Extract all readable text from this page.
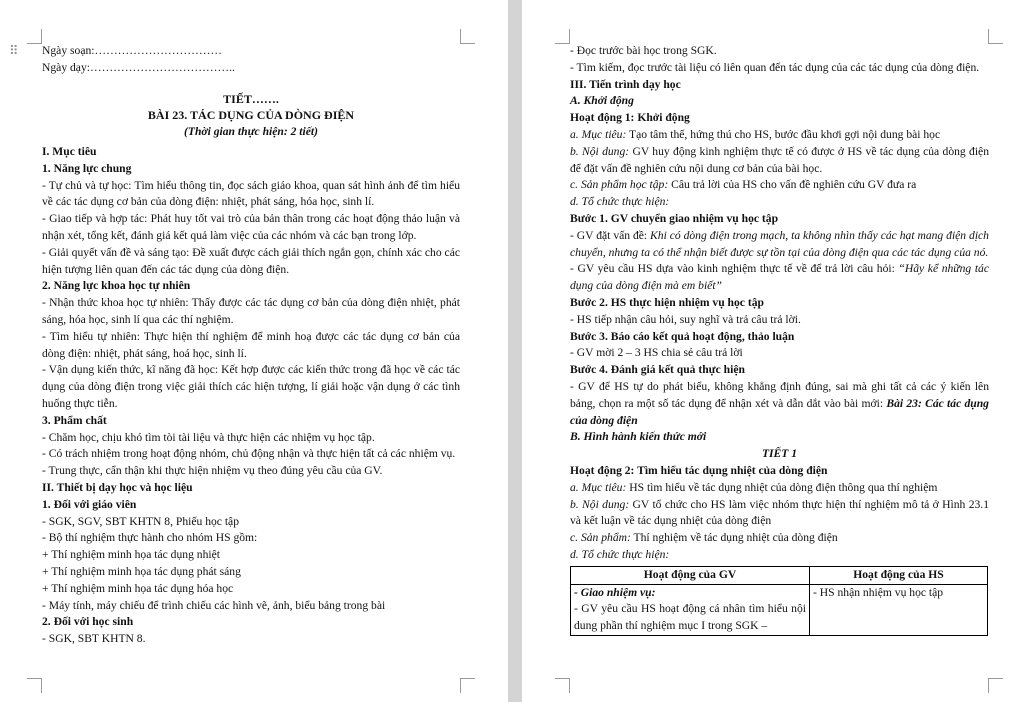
⠿	Ngày soạn:……………………………

Ngày dạy:………………………………..

TIẾT…….

BÀI 23. TÁC DỤNG CỦA DÒNG ĐIỆN

(Thời gian thực hiện: 2 tiết)

I. Mục tiêu

1. Năng lực chung

- Tự chủ và tự học: Tìm hiểu thông tin, đọc sách giáo khoa, quan sát hình ảnh để tìm hiểu về các tác dụng cơ bản của dòng điện: nhiệt, phát sáng, hóa học, sinh lí.

- Giao tiếp và hợp tác: Phát huy tốt vai trò của bản thân trong các hoạt động thảo luận và nhận xét, tổng kết, đánh giá kết quả làm việc của các nhóm và các bạn trong lớp.

- Giải quyết vấn đề và sáng tạo: Đề xuất được cách giải thích ngắn gọn, chính xác cho các hiện tượng liên quan đến các tác dụng của dòng điện.

2. Năng lực khoa học tự nhiên

- Nhận thức khoa học tự nhiên: Thấy được các tác dụng cơ bản của dòng điện nhiệt, phát sáng, hóa học, sinh lí qua các thí nghiệm.

- Tìm hiểu tự nhiên: Thực hiện thí nghiệm để minh hoạ được các tác dụng cơ bản của dòng điện: nhiệt, phát sáng, hoá học, sinh lí.

- Vận dụng kiến thức, kĩ năng đã học: Kết hợp được các kiến thức trong đã học về các tác dụng của dòng điện trong việc giải thích các hiện tượng, lí giải hoặc vận dụng ở các tình huống thực tiễn.

3. Phẩm chất

- Chăm học, chịu khó tìm tòi tài liệu và thực hiện các nhiệm vụ học tập.

- Có trách nhiệm trong hoạt động nhóm, chủ động nhận và thực hiện tất cả các nhiệm vụ.

- Trung thực, cẩn thận khi thực hiện nhiệm vụ theo đúng yêu cầu của GV.

II. Thiết bị dạy học và học liệu

1. Đối với giáo viên

- SGK, SGV, SBT KHTN 8, Phiếu học tập

- Bộ thí nghiệm thực hành cho nhóm HS gồm:

+ Thí nghiệm minh họa tác dụng nhiệt

+ Thí nghiệm minh họa tác dụng phát sáng

+ Thí nghiệm minh họa tác dụng hóa học

- Máy tính, máy chiếu để trình chiếu các hình vẽ, ảnh, biểu bảng trong bài

2. Đối với học sinh

- SGK, SBT KHTN 8.

- Đọc trước bài học trong SGK.

- Tìm kiếm, đọc trước tài liệu có liên quan đến tác dụng của các tác dụng của dòng điện.

III. Tiến trình dạy học

A. Khởi động

Hoạt động 1: Khởi động

a. Mục tiêu: Tạo tâm thế, hứng thú cho HS, bước đầu khơi gợi nội dung bài học

b. Nội dung: GV huy động kinh nghiệm thực tế có được ở HS về tác dụng của dòng điện để đặt vấn đề nghiên cứu nội dung cơ bản của bài học.

c. Sản phẩm học tập: Câu trả lời của HS cho vấn đề nghiên cứu GV đưa ra

d. Tổ chức thực hiện:

Bước 1. GV chuyển giao nhiệm vụ học tập

- GV đặt vấn đề: Khi có dòng điện trong mạch, ta không nhìn thấy các hạt mang điện dịch chuyển, nhưng ta có thể nhận biết được sự tồn tại của dòng điện qua các tác dụng của nó.

- GV yêu cầu HS dựa vào kinh nghiệm thực tế về để trả lời câu hỏi: “Hãy kể những tác dụng của dòng điện mà em biết”

Bước 2. HS thực hiện nhiệm vụ học tập

- HS tiếp nhận câu hỏi, suy nghĩ và trả câu trả lời.

Bước 3. Báo cáo kết quả hoạt động, thảo luận

- GV mời 2 – 3 HS chia sẻ câu trả lời

Bước 4. Đánh giá kết quả thực hiện

- GV để HS tự do phát biểu, không khẳng định đúng, sai mà ghi tất cả các ý kiến lên bảng, chọn ra một số tác dụng để nhận xét và dẫn dắt vào bài mới: Bài 23: Các tác dụng của dòng điện

B. Hình hành kiến thức mới

TIẾT 1

Hoạt động 2: Tìm hiểu tác dụng nhiệt của dòng điện

a. Mục tiêu: HS tìm hiểu về tác dụng nhiệt của dòng điện thông qua thí nghiệm

b. Nội dung: GV tổ chức cho HS làm việc nhóm thực hiện thí nghiệm mô tả ở Hình 23.1 và kết luận về tác dụng nhiệt của dòng điện

c. Sản phẩm: Thí nghiệm về tác dụng nhiệt của dòng điện

d. Tổ chức thực hiện:

Hoạt động của GV	Hoạt động của HS

- Giao nhiệm vụ:
- GV yêu cầu HS hoạt động cá nhân tìm hiểu nội dung phần thí nghiệm mục I trong SGK –	- HS nhận nhiệm vụ học tập
